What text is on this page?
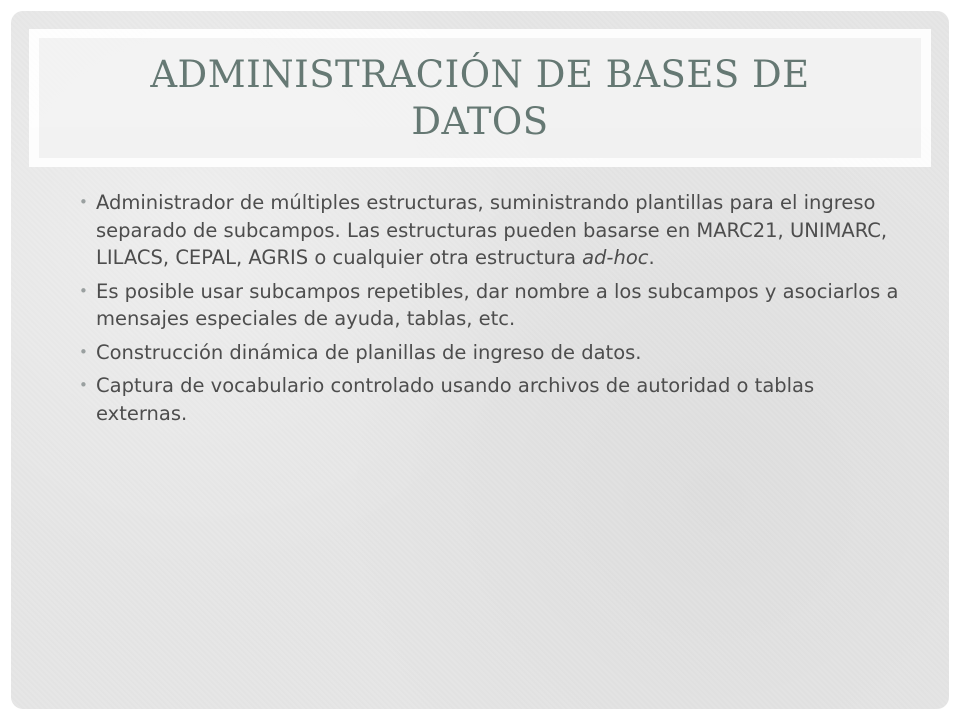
ADMINISTRACIÓN DE BASES DE DATOS
• Administrador de múltiples estructuras, suministrando plantillas para el ingreso separado de subcampos. Las estructuras pueden basarse en MARC21, UNIMARC, LILACS, CEPAL, AGRIS o cualquier otra estructura ad-hoc.
• Es posible usar subcampos repetibles, dar nombre a los subcampos y asociarlos a mensajes especiales de ayuda, tablas, etc.
• Construcción dinámica de planillas de ingreso de datos.
• Captura de vocabulario controlado usando archivos de autoridad o tablas externas.
